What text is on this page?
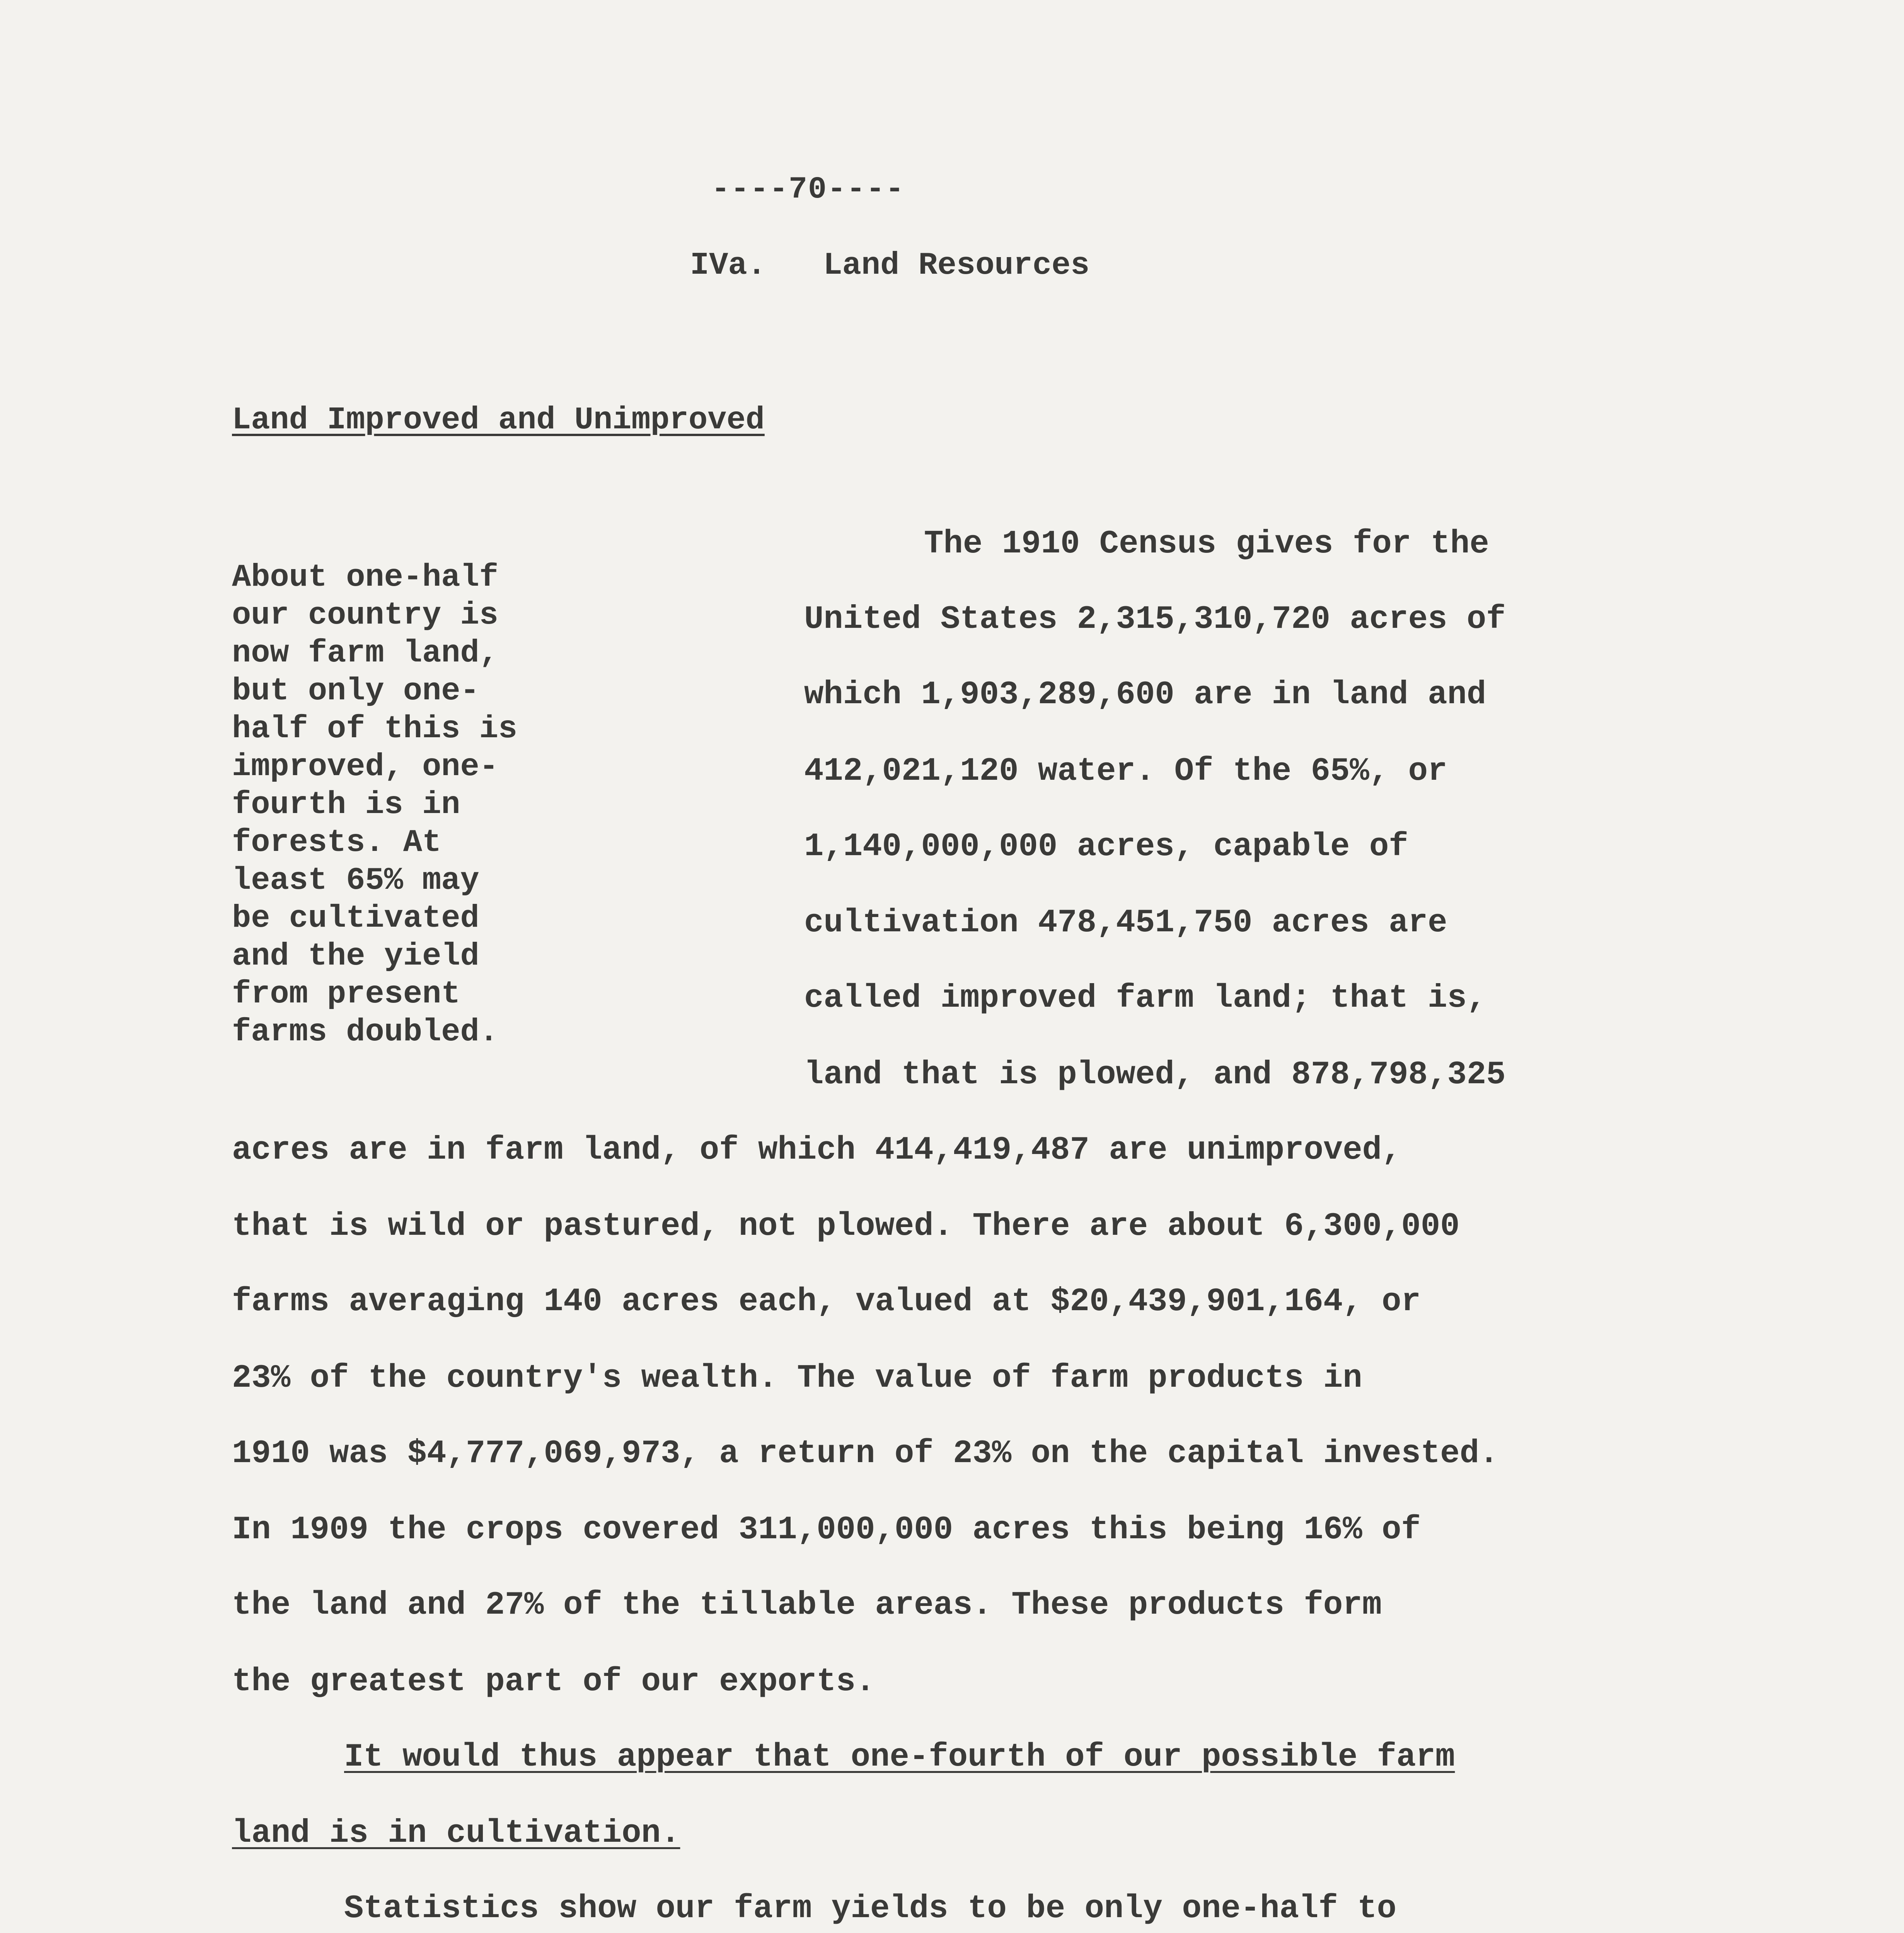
----70----
IVa.   Land Resources
Land Improved and Unimproved
About one-half
our country is
now farm land,
but only one-
half of this is
improved, one-
fourth is in
forests. At
least 65% may
be cultivated
and the yield
from present
farms doubled.
The 1910 Census gives for the
United States 2,315,310,720 acres of
which 1,903,289,600 are in land and
412,021,120 water. Of the 65%, or
1,140,000,000 acres, capable of
cultivation 478,451,750 acres are
called improved farm land; that is,
land that is plowed, and 878,798,325
acres are in farm land, of which 414,419,487 are unimproved,
that is wild or pastured, not plowed. There are about 6,300,000
farms averaging 140 acres each, valued at $20,439,901,164, or
23% of the country's wealth. The value of farm products in
1910 was $4,777,069,973, a return of 23% on the capital invested.
In 1909 the crops covered 311,000,000 acres this being 16% of
the land and 27% of the tillable areas. These products form
the greatest part of our exports.
It would thus appear that one-fourth of our possible farm
land is in cultivation.
Statistics show our farm yields to be only one-half to
